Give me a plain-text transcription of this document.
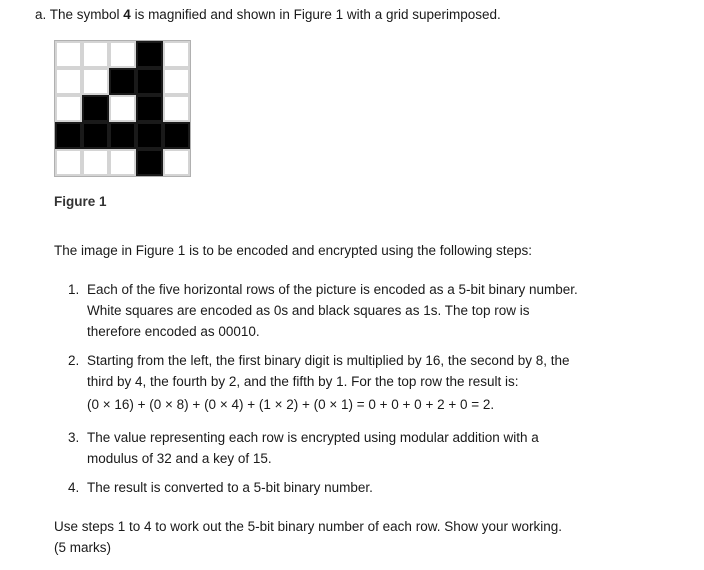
a. The symbol 4 is magnified and shown in Figure 1 with a grid superimposed.
Figure 1
The image in Figure 1 is to be encoded and encrypted using the following steps:
1. Each of the five horizontal rows of the picture is encoded as a 5-bit binary number.
White squares are encoded as 0s and black squares as 1s. The top row is
therefore encoded as 00010.
2. Starting from the left, the first binary digit is multiplied by 16, the second by 8, the
third by 4, the fourth by 2, and the fifth by 1. For the top row the result is:
(0 × 16) + (0 × 8) + (0 × 4) + (1 × 2) + (0 × 1) = 0 + 0 + 0 + 2 + 0 = 2.
3. The value representing each row is encrypted using modular addition with a
modulus of 32 and a key of 15.
4. The result is converted to a 5-bit binary number.
Use steps 1 to 4 to work out the 5-bit binary number of each row. Show your working.
(5 marks)
